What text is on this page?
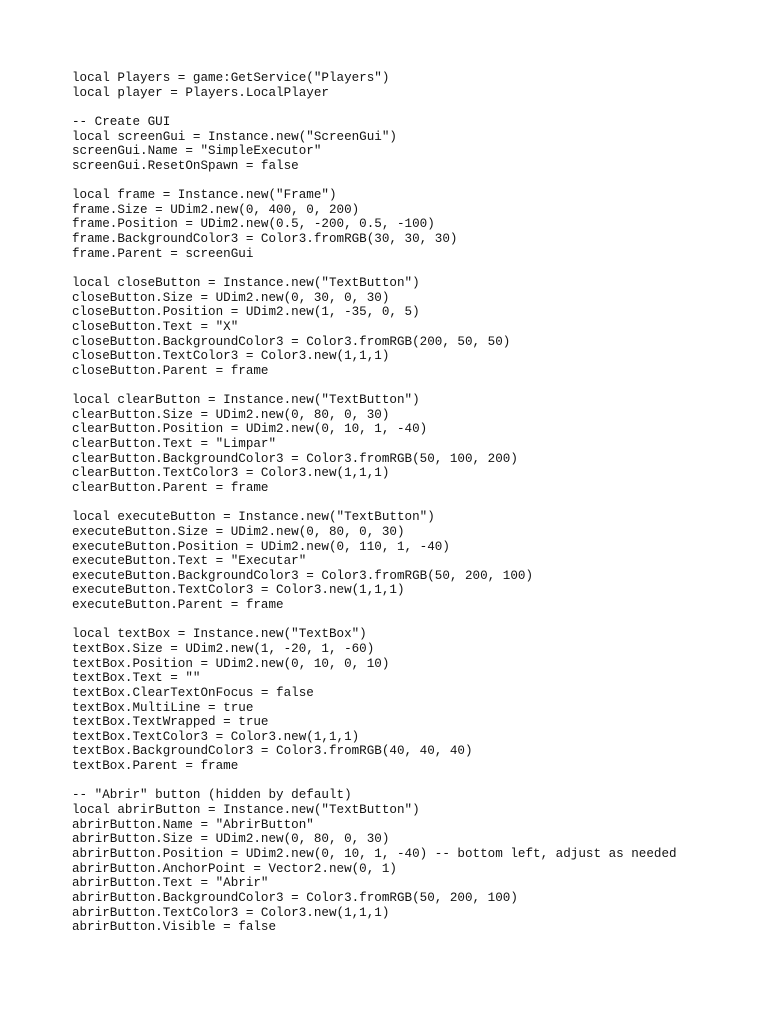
local Players = game:GetService("Players")
local player = Players.LocalPlayer
-- Create GUI
local screenGui = Instance.new("ScreenGui")
screenGui.Name = "SimpleExecutor"
screenGui.ResetOnSpawn = false
local frame = Instance.new("Frame")
frame.Size = UDim2.new(0, 400, 0, 200)
frame.Position = UDim2.new(0.5, -200, 0.5, -100)
frame.BackgroundColor3 = Color3.fromRGB(30, 30, 30)
frame.Parent = screenGui
local closeButton = Instance.new("TextButton")
closeButton.Size = UDim2.new(0, 30, 0, 30)
closeButton.Position = UDim2.new(1, -35, 0, 5)
closeButton.Text = "X"
closeButton.BackgroundColor3 = Color3.fromRGB(200, 50, 50)
closeButton.TextColor3 = Color3.new(1,1,1)
closeButton.Parent = frame
local clearButton = Instance.new("TextButton")
clearButton.Size = UDim2.new(0, 80, 0, 30)
clearButton.Position = UDim2.new(0, 10, 1, -40)
clearButton.Text = "Limpar"
clearButton.BackgroundColor3 = Color3.fromRGB(50, 100, 200)
clearButton.TextColor3 = Color3.new(1,1,1)
clearButton.Parent = frame
local executeButton = Instance.new("TextButton")
executeButton.Size = UDim2.new(0, 80, 0, 30)
executeButton.Position = UDim2.new(0, 110, 1, -40)
executeButton.Text = "Executar"
executeButton.BackgroundColor3 = Color3.fromRGB(50, 200, 100)
executeButton.TextColor3 = Color3.new(1,1,1)
executeButton.Parent = frame
local textBox = Instance.new("TextBox")
textBox.Size = UDim2.new(1, -20, 1, -60)
textBox.Position = UDim2.new(0, 10, 0, 10)
textBox.Text = ""
textBox.ClearTextOnFocus = false
textBox.MultiLine = true
textBox.TextWrapped = true
textBox.TextColor3 = Color3.new(1,1,1)
textBox.BackgroundColor3 = Color3.fromRGB(40, 40, 40)
textBox.Parent = frame
-- "Abrir" button (hidden by default)
local abrirButton = Instance.new("TextButton")
abrirButton.Name = "AbrirButton"
abrirButton.Size = UDim2.new(0, 80, 0, 30)
abrirButton.Position = UDim2.new(0, 10, 1, -40) -- bottom left, adjust as needed
abrirButton.AnchorPoint = Vector2.new(0, 1)
abrirButton.Text = "Abrir"
abrirButton.BackgroundColor3 = Color3.fromRGB(50, 200, 100)
abrirButton.TextColor3 = Color3.new(1,1,1)
abrirButton.Visible = false
